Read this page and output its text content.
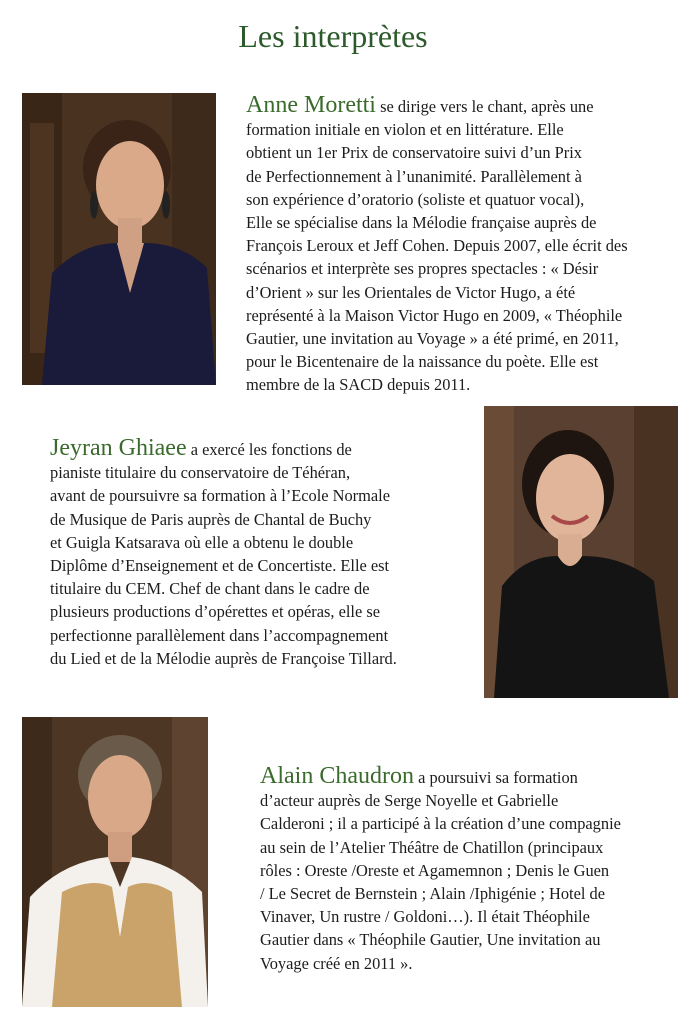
Les interprètes
Anne Moretti se dirige vers le chant, après une
formation initiale en violon et en littérature. Elle
obtient un 1er Prix de conservatoire suivi d’un Prix
de Perfectionnement à l’unanimité. Parallèlement à
son expérience d’oratorio (soliste et quatuor vocal),
Elle se spécialise dans la Mélodie française auprès de
François Leroux et Jeff Cohen. Depuis 2007, elle écrit des
scénarios et interprète ses propres spectacles : « Désir
d’Orient » sur les Orientales de Victor Hugo, a été
représenté à la Maison Victor Hugo en 2009, « Théophile
Gautier, une invitation au Voyage » a été primé, en 2011,
pour le Bicentenaire de la naissance du poète. Elle est
membre de la SACD depuis 2011.
Jeyran Ghiaee a exercé les fonctions de
pianiste titulaire du conservatoire de Téhéran,
avant de poursuivre sa formation à l’Ecole Normale
de Musique de Paris auprès de Chantal de Buchy
et Guigla Katsarava où elle a obtenu le double
Diplôme d’Enseignement et de Concertiste. Elle est
titulaire du CEM. Chef de chant dans le cadre de
plusieurs productions d’opérettes et opéras, elle se
perfectionne parallèlement dans l’accompagnement
du Lied et de la Mélodie auprès de Françoise Tillard.
Alain Chaudron a poursuivi sa formation
d’acteur auprès de Serge Noyelle et Gabrielle
Calderoni ; il a participé à la création d’une compagnie
au sein de l’Atelier Théâtre de Chatillon (principaux
rôles : Oreste /Oreste et Agamemnon ; Denis le Guen
/ Le Secret de Bernstein ; Alain /Iphigénie ; Hotel de
Vinaver, Un rustre / Goldoni…). Il était Théophile
Gautier dans « Théophile Gautier, Une invitation au
Voyage créé en 2011 ».
